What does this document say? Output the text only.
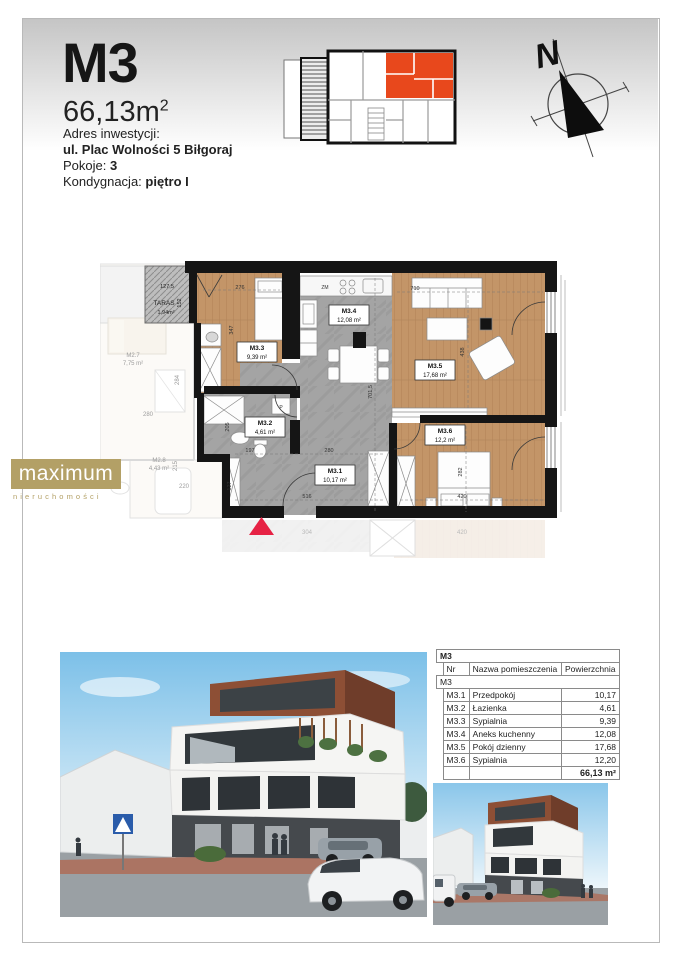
M3
$66,13m^2$
Adres inwestycji:
ul. Plac Wolności 5 Biłgoraj
Pokoje: 3
Kondygnacja: piętro I
N
M2.7
7,75 m²
M2.8
4,43 m²
284
280
220
215
304	420
M3.3
9,39 m²
M3.4
12,08 m²
M3.5
17,68 m²
M3.2
4,61 m²
M3.1
10,17 m²
M3.6
12,2 m²
127,5
TARAS
1,94m²
152
276
347
710
438
701,5
205
197	280
516
127
282
420
ZM
P
maximum
nieruchomości
M3			
	Nr	Nazwa pomieszczenia	Powierzchnia
M3			
	M3.1	Przedpokój	10,17
	M3.2	Łazienka	4,61
	M3.3	Sypialnia	9,39
	M3.4	Aneks kuchenny	12,08
	M3.5	Pokój dzienny	17,68
	M3.6	Sypialnia	12,20
			66,13 m²
